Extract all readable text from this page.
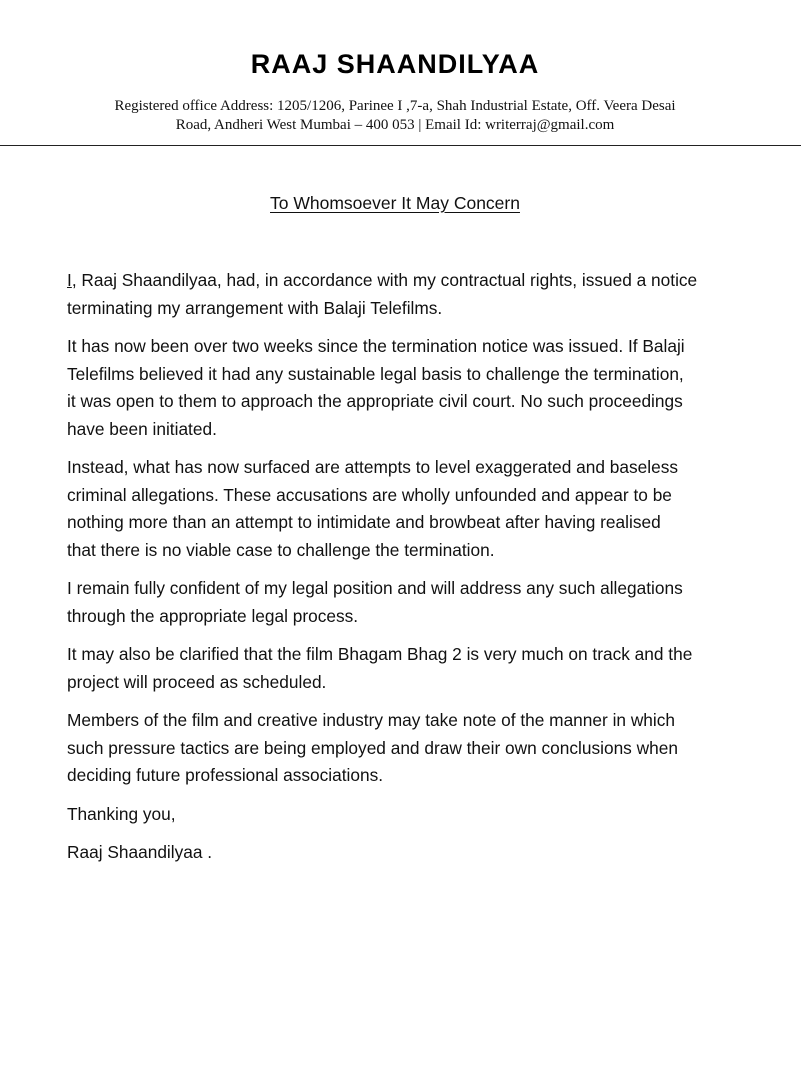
RAAJ SHAANDILYAA
Registered office Address: 1205/1206, Parinee I ,7-a, Shah Industrial Estate, Off. Veera Desai
Road, Andheri West Mumbai – 400 053 | Email Id: writerraj@gmail.com
To Whomsoever It May Concern

I, Raaj Shaandilyaa, had, in accordance with my contractual rights, issued a notice
terminating my arrangement with Balaji Telefilms.

It has now been over two weeks since the termination notice was issued. If Balaji
Telefilms believed it had any sustainable legal basis to challenge the termination,
it was open to them to approach the appropriate civil court. No such proceedings
have been initiated.

Instead, what has now surfaced are attempts to level exaggerated and baseless
criminal allegations. These accusations are wholly unfounded and appear to be
nothing more than an attempt to intimidate and browbeat after having realised
that there is no viable case to challenge the termination.

I remain fully confident of my legal position and will address any such allegations
through the appropriate legal process.

It may also be clarified that the film Bhagam Bhag 2 is very much on track and the
project will proceed as scheduled.

Members of the film and creative industry may take note of the manner in which
such pressure tactics are being employed and draw their own conclusions when
deciding future professional associations.

Thanking you,

Raaj Shaandilyaa .
